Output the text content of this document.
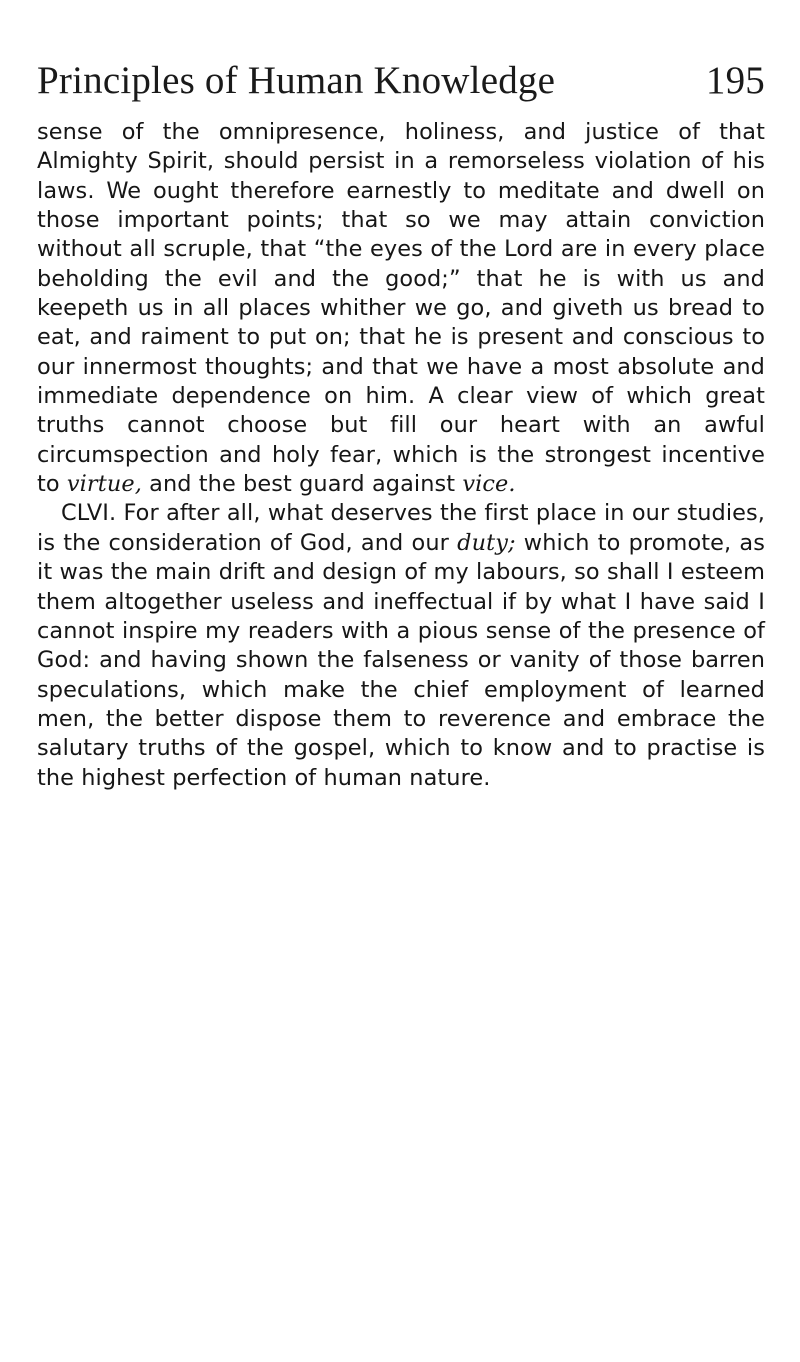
Principles of Human Knowledge	195

sense of the omnipresence, holiness, and justice of that Almighty Spirit, should persist in a remorseless violation of his laws. We ought therefore earnestly to meditate and dwell on those important points; that so we may attain conviction without all scruple, that “the eyes of the Lord are in every place beholding the evil and the good;” that he is with us and keepeth us in all places whither we go, and giveth us bread to eat, and raiment to put on; that he is present and conscious to our innermost thoughts; and that we have a most absolute and immediate dependence on him. A clear view of which great truths cannot choose but fill our heart with an awful circumspection and holy fear, which is the strongest incentive to virtue, and the best guard against vice.

CLVI. For after all, what deserves the first place in our studies, is the consideration of God, and our duty; which to promote, as it was the main drift and design of my labours, so shall I esteem them altogether useless and ineffectual if by what I have said I cannot inspire my readers with a pious sense of the presence of God: and having shown the falseness or vanity of those barren speculations, which make the chief employment of learned men, the better dispose them to reverence and embrace the salutary truths of the gospel, which to know and to practise is the highest perfection of human nature.
